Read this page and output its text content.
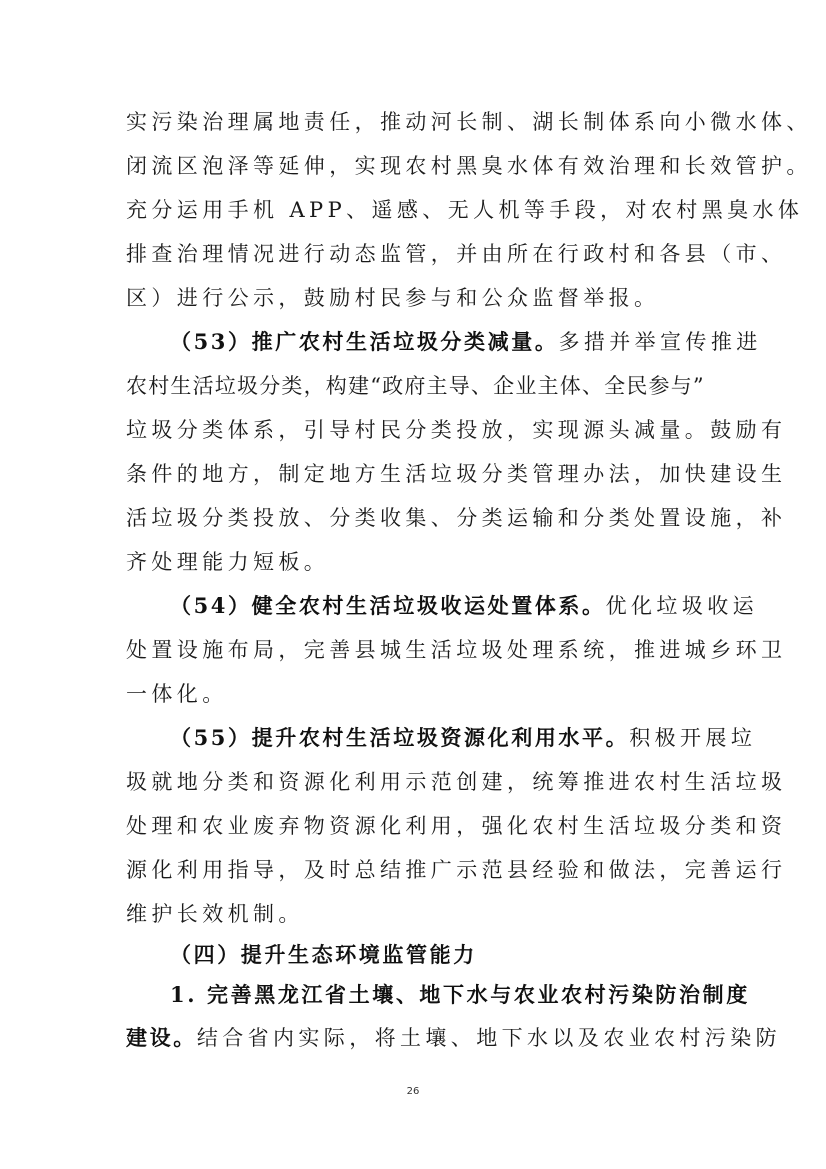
实污染治理属地责任，推动河长制、湖长制体系向小微水体、
闭流区泡泽等延伸，实现农村黑臭水体有效治理和长效管护。
充分运用手机 APP、遥感、无人机等手段，对农村黑臭水体
排查治理情况进行动态监管，并由所在行政村和各县（市、
区）进行公示，鼓励村民参与和公众监督举报。
（53）推广农村生活垃圾分类减量。多措并举宣传推进
农村生活垃圾分类，构建“政府主导、企业主体、全民参与”
垃圾分类体系，引导村民分类投放，实现源头减量。鼓励有
条件的地方，制定地方生活垃圾分类管理办法，加快建设生
活垃圾分类投放、分类收集、分类运输和分类处置设施，补
齐处理能力短板。
（54）健全农村生活垃圾收运处置体系。优化垃圾收运
处置设施布局，完善县城生活垃圾处理系统，推进城乡环卫
一体化。
（55）提升农村生活垃圾资源化利用水平。积极开展垃
圾就地分类和资源化利用示范创建，统筹推进农村生活垃圾
处理和农业废弃物资源化利用，强化农村生活垃圾分类和资
源化利用指导，及时总结推广示范县经验和做法，完善运行
维护长效机制。
（四）提升生态环境监管能力
1. 完善黑龙江省土壤、地下水与农业农村污染防治制度
建设。结合省内实际，将土壤、地下水以及农业农村污染防
26
